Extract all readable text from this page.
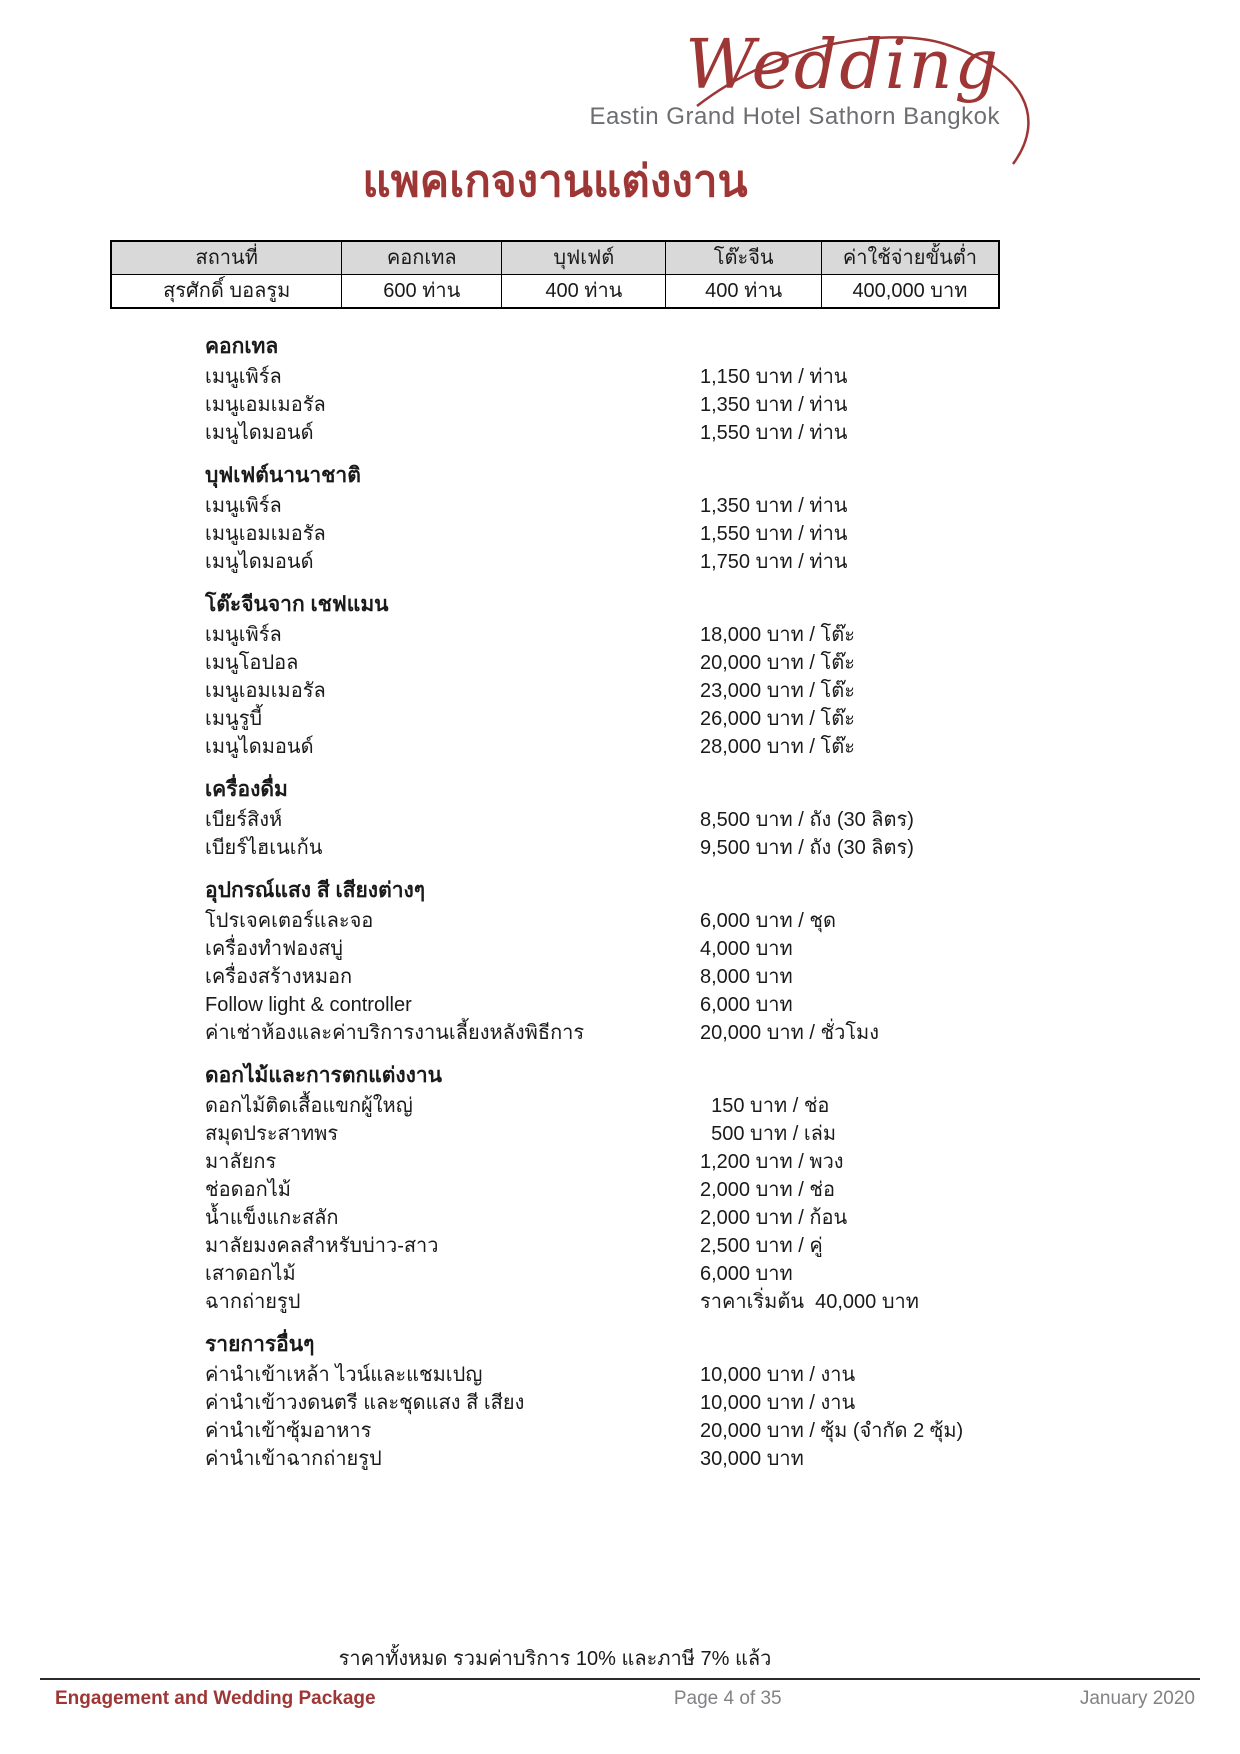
Wedding
Eastin Grand Hotel Sathorn Bangkok
แพคเกจงานแต่งงาน
สถานที่	คอกเทล	บุฟเฟต์	โต๊ะจีน	ค่าใช้จ่ายขั้นต่ำ
สุรศักดิ์ บอลรูม	600 ท่าน	400 ท่าน	400 ท่าน	400,000 บาท
คอกเทล
เมนูเพิร์ล	1,150 บาท / ท่าน
เมนูเอมเมอรัล	1,350 บาท / ท่าน
เมนูไดมอนด์	1,550 บาท / ท่าน
บุฟเฟต์นานาชาติ
เมนูเพิร์ล	1,350 บาท / ท่าน
เมนูเอมเมอรัล	1,550 บาท / ท่าน
เมนูไดมอนด์	1,750 บาท / ท่าน
โต๊ะจีนจาก เชฟแมน
เมนูเพิร์ล	18,000 บาท / โต๊ะ
เมนูโอปอล	20,000 บาท / โต๊ะ
เมนูเอมเมอรัล	23,000 บาท / โต๊ะ
เมนูรูบี้	26,000 บาท / โต๊ะ
เมนูไดมอนด์	28,000 บาท / โต๊ะ
เครื่องดื่ม
เบียร์สิงห์	8,500 บาท / ถัง (30 ลิตร)
เบียร์ไฮเนเก้น	9,500 บาท / ถัง (30 ลิตร)
อุปกรณ์แสง สี เสียงต่างๆ
โปรเจคเตอร์และจอ	6,000 บาท / ชุด
เครื่องทำฟองสบู่	4,000 บาท
เครื่องสร้างหมอก	8,000 บาท
Follow light & controller	6,000 บาท
ค่าเช่าห้องและค่าบริการงานเลี้ยงหลังพิธีการ	20,000 บาท / ชั่วโมง
ดอกไม้และการตกแต่งงาน
ดอกไม้ติดเสื้อแขกผู้ใหญ่	150 บาท / ช่อ
สมุดประสาทพร	500 บาท / เล่ม
มาลัยกร	1,200 บาท / พวง
ช่อดอกไม้	2,000 บาท / ช่อ
น้ำแข็งแกะสลัก	2,000 บาท / ก้อน
มาลัยมงคลสำหรับบ่าว-สาว	2,500 บาท / คู่
เสาดอกไม้	6,000 บาท
ฉากถ่ายรูป	ราคาเริ่มต้น  40,000 บาท
รายการอื่นๆ
ค่านำเข้าเหล้า ไวน์และแชมเปญ	10,000 บาท / งาน
ค่านำเข้าวงดนตรี และชุดแสง สี เสียง	10,000 บาท / งาน
ค่านำเข้าซุ้มอาหาร	20,000 บาท / ซุ้ม (จำกัด 2 ซุ้ม)
ค่านำเข้าฉากถ่ายรูป	30,000 บาท
ราคาทั้งหมด รวมค่าบริการ 10% และภาษี 7% แล้ว
Engagement and Wedding Package	Page 4 of 35	January 2020
